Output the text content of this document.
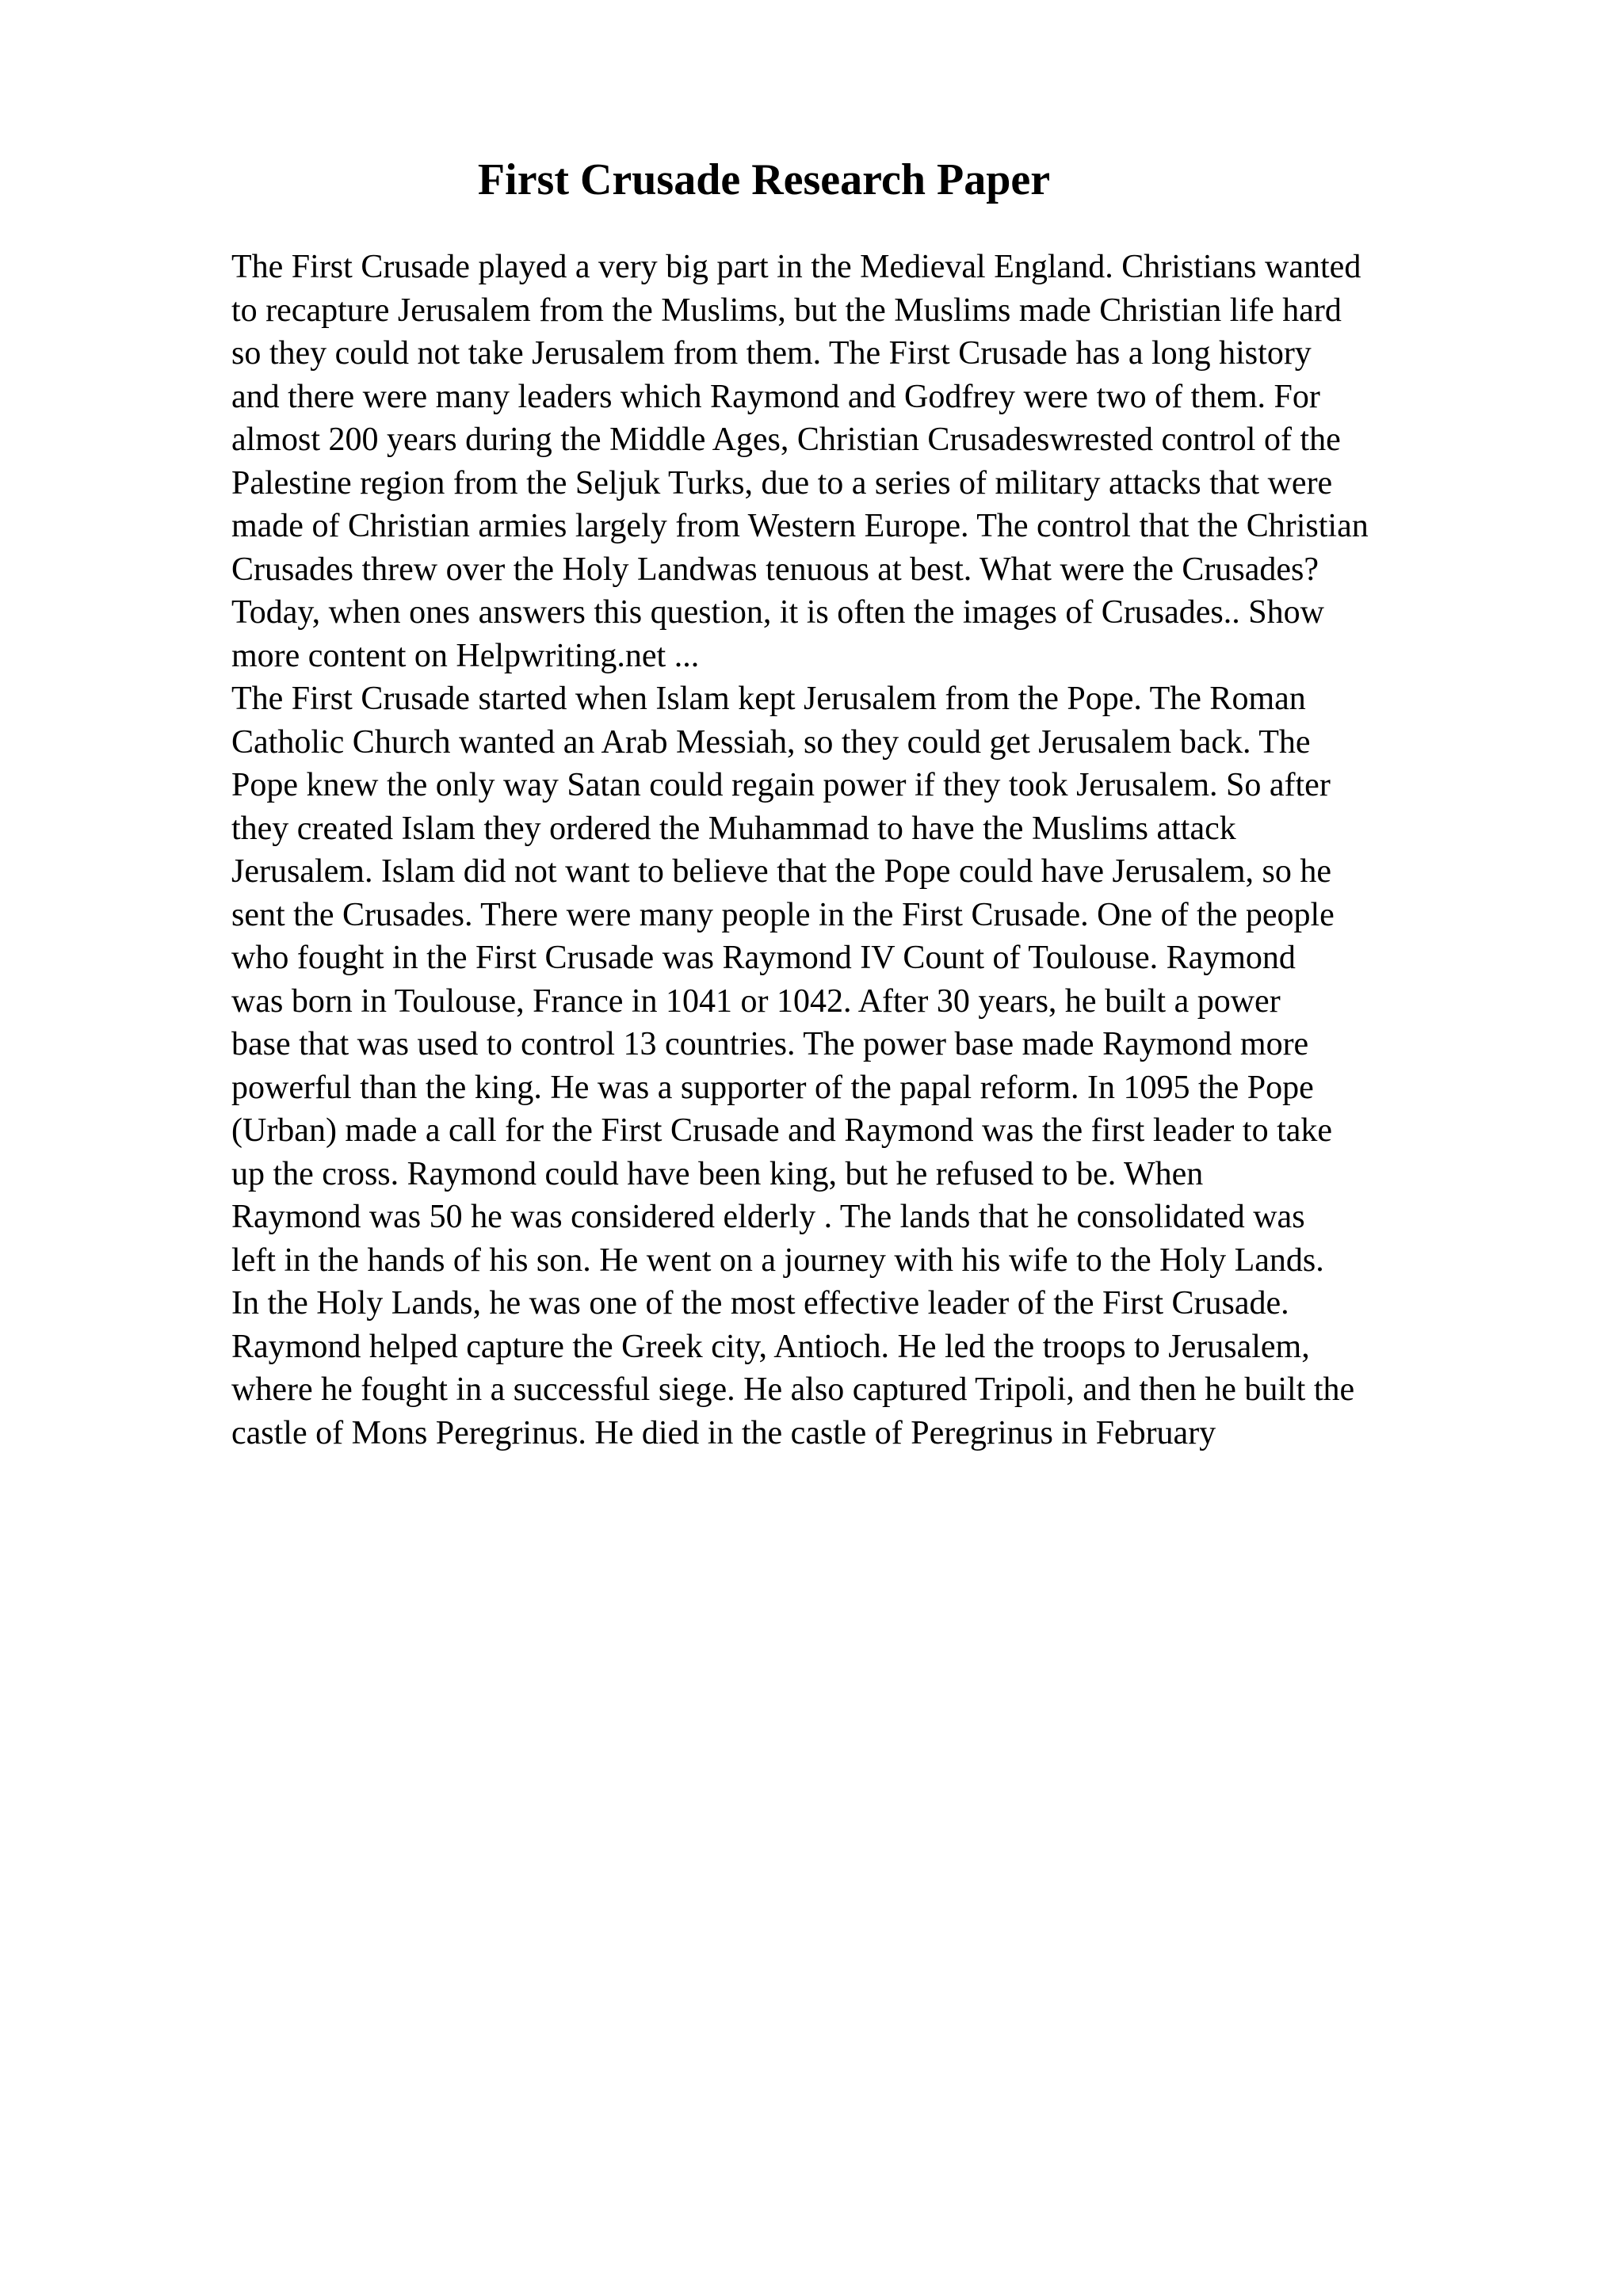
First Crusade Research Paper
The First Crusade played a very big part in the Medieval England. Christians wanted
to recapture Jerusalem from the Muslims, but the Muslims made Christian life hard
so they could not take Jerusalem from them. The First Crusade has a long history
and there were many leaders which Raymond and Godfrey were two of them. For
almost 200 years during the Middle Ages, Christian Crusadeswrested control of the
Palestine region from the Seljuk Turks, due to a series of military attacks that were
made of Christian armies largely from Western Europe. The control that the Christian
Crusades threw over the Holy Landwas tenuous at best. What were the Crusades?
Today, when ones answers this question, it is often the images of Crusades.. Show
more content on Helpwriting.net ...
The First Crusade started when Islam kept Jerusalem from the Pope. The Roman
Catholic Church wanted an Arab Messiah, so they could get Jerusalem back. The
Pope knew the only way Satan could regain power if they took Jerusalem. So after
they created Islam they ordered the Muhammad to have the Muslims attack
Jerusalem. Islam did not want to believe that the Pope could have Jerusalem, so he
sent the Crusades. There were many people in the First Crusade. One of the people
who fought in the First Crusade was Raymond IV Count of Toulouse. Raymond
was born in Toulouse, France in 1041 or 1042. After 30 years, he built a power
base that was used to control 13 countries. The power base made Raymond more
powerful than the king. He was a supporter of the papal reform. In 1095 the Pope
(Urban) made a call for the First Crusade and Raymond was the first leader to take
up the cross. Raymond could have been king, but he refused to be. When
Raymond was 50 he was considered elderly . The lands that he consolidated was
left in the hands of his son. He went on a journey with his wife to the Holy Lands.
In the Holy Lands, he was one of the most effective leader of the First Crusade.
Raymond helped capture the Greek city, Antioch. He led the troops to Jerusalem,
where he fought in a successful siege. He also captured Tripoli, and then he built the
castle of Mons Peregrinus. He died in the castle of Peregrinus in February
